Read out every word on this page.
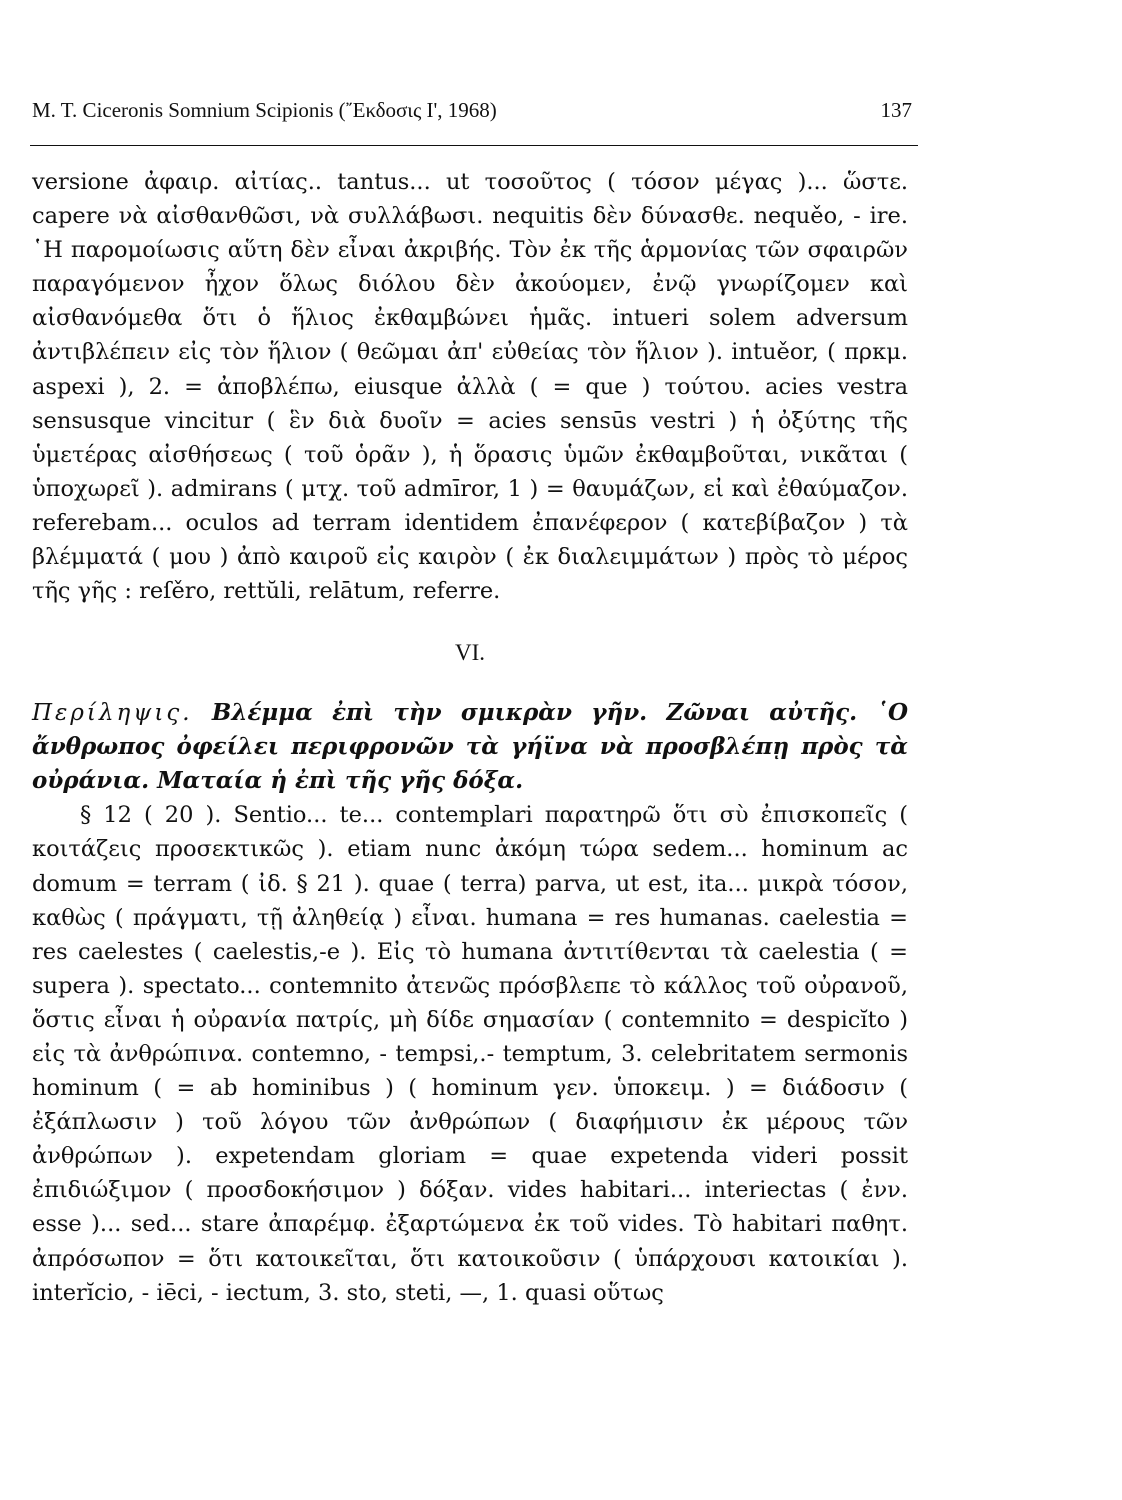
M. T. Ciceronis Somnium Scipionis (῎Εκδοσις Ι', 1968)	137

versione ἀφαιρ. αἰτίας.. tantus... ut τοσοῦτος ( τόσον μέγας )... ὥστε. capere νὰ αἰσθανθῶσι, νὰ συλλάβωσι. nequitis δὲν δύνασθε. nequěo, - ire. ῾Η παρομοίωσις αὕτη δὲν εἶναι ἀκριβής. Τὸν ἐκ τῆς ἁρμονίας τῶν σφαιρῶν παραγόμενον ἦχον ὅλως διόλου δὲν ἀκούομεν, ἐνῷ γνωρίζομεν καὶ αἰσθανόμεθα ὅτι ὁ ἥλιος ἐκθαμβώνει ἡμᾶς. intueri solem adversum ἀντιβλέπειν εἰς τὸν ἥλιον ( θεῶμαι ἀπ' εὐθείας τὸν ἥλιον ). intuěor, ( πρκμ. aspexi ), 2. = ἀποβλέπω, eiusque ἀλλὰ ( = que ) τούτου. acies vestra sensusque vincitur ( ἓν διὰ δυοῖν = acies sensūs vestri ) ἡ ὀξύτης τῆς ὑμετέρας αἰσθήσεως ( τοῦ ὁρᾶν ), ἡ ὅρασις ὑμῶν ἐκθαμβοῦται, νικᾶται ( ὑποχωρεῖ ). admirans ( μτχ. τοῦ admīror, 1 ) = θαυμάζων, εἰ καὶ ἐθαύμαζον. referebam... oculos ad terram identidem ἐπανέφερον ( κατεβίβαζον ) τὰ βλέμματά ( μου ) ἀπὸ καιροῦ εἰς καιρὸν ( ἐκ διαλειμμάτων ) πρὸς τὸ μέρος τῆς γῆς : reſěro, rettŭli, relātum, referre.

VI.

Περίληψις. Βλέμμα ἐπὶ τὴν σμικρὰν γῆν. Ζῶναι αὐτῆς. ῾Ο ἄνθρωπος ὀφείλει περιφρονῶν τὰ γήϊνα νὰ προσβλέπῃ πρὸς τὰ οὐράνια. Ματαία ἡ ἐπὶ τῆς γῆς δόξα.

§ 12 ( 20 ). Sentio... te... contemplari παρατηρῶ ὅτι σὺ ἐπισκοπεῖς ( κοιτάζεις προσεκτικῶς ). etiam nunc ἀκόμη τώρα sedem... hominum ac domum = terram ( ἰδ. § 21 ). quae ( terra) parva, ut est, ita... μικρὰ τόσον, καθὼς ( πράγματι, τῇ ἀληθείᾳ ) εἶναι. humana = res humanas. caelestia = res caelestes ( caelestis,-e ). Εἰς τὸ humana ἀντιτίθενται τὰ caelestia ( = supera ). spectato... contemnito ἀτενῶς πρόσβλεπε τὸ κάλλος τοῦ οὐρανοῦ, ὅστις εἶναι ἡ οὐρανία πατρίς, μὴ δίδε σημασίαν ( contemnito = despicĭto ) εἰς τὰ ἀνθρώπινα. contemno, - tempsi,.- temptum, 3. celebritatem sermonis hominum ( = ab hominibus ) ( hominum γεν. ὑποκειμ. ) = διάδοσιν ( ἐξάπλωσιν ) τοῦ λόγου τῶν ἀνθρώπων ( διαφήμισιν ἐκ μέρους τῶν ἀνθρώπων ). expetendam gloriam = quae expetenda videri possit ἐπιδιώξιμον ( προσδοκήσιμον ) δόξαν. vides habitari... interiectas ( ἐνν. esse )... sed... stare ἀπαρέμφ. ἐξαρτώμενα ἐκ τοῦ vides. Τὸ habitari παθητ. ἀπρόσωπον = ὅτι κατοικεῖται, ὅτι κατοικοῦσιν ( ὑπάρχουσι κατοικίαι ). interĭcio, - iēci, - iectum, 3. sto, steti, —, 1. quasi οὕτως
